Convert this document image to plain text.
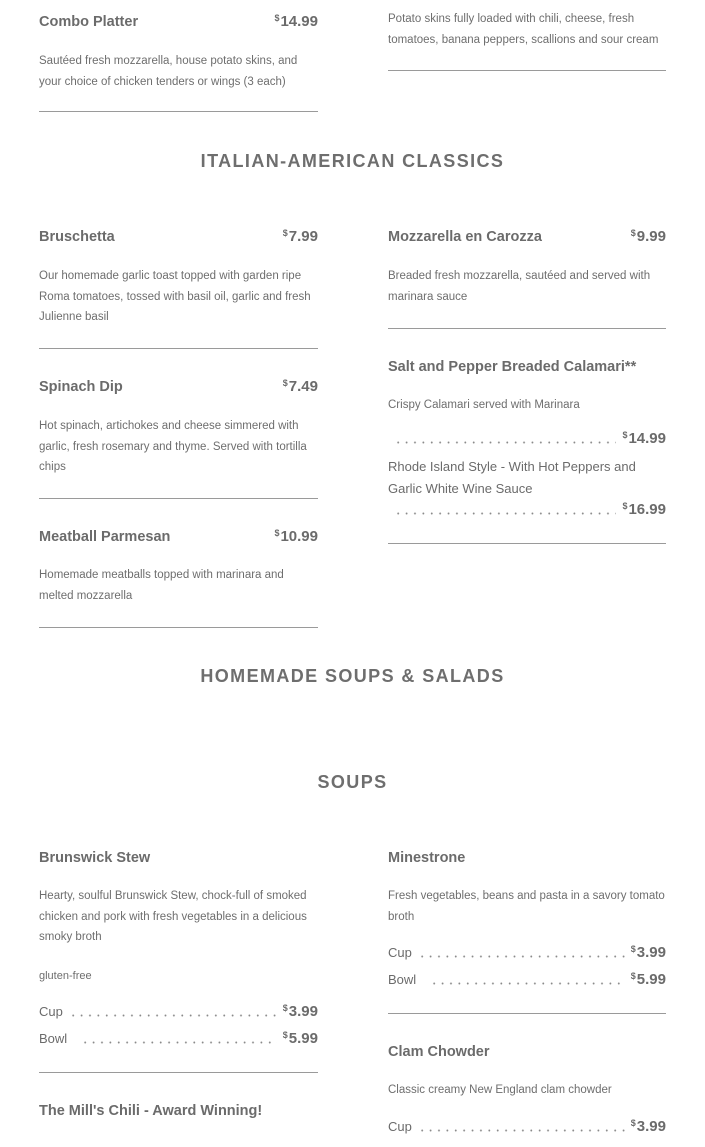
Combo Platter	$14.99
Sautéed fresh mozzarella, house potato skins, and your choice of chicken tenders or wings (3 each)
Potato skins fully loaded with chili, cheese, fresh tomatoes, banana peppers, scallions and sour cream
ITALIAN-AMERICAN CLASSICS
Bruschetta	$7.99
Our homemade garlic toast topped with garden ripe Roma tomatoes, tossed with basil oil, garlic and fresh Julienne basil
Mozzarella en Carozza	$9.99
Breaded fresh mozzarella, sautéed and served with marinara sauce
Spinach Dip	$7.49
Hot spinach, artichokes and cheese simmered with garlic, fresh rosemary and thyme. Served with tortilla chips
Salt and Pepper Breaded Calamari**
Crispy Calamari served with Marinara
$14.99
Rhode Island Style - With Hot Peppers and Garlic White Wine Sauce
$16.99
Meatball Parmesan	$10.99
Homemade meatballs topped with marinara and melted mozzarella
HOMEMADE SOUPS & SALADS
SOUPS
Brunswick Stew
Hearty, soulful Brunswick Stew, chock-full of smoked chicken and pork with fresh vegetables in a delicious smoky broth
gluten-free
Cup	$3.99
Bowl	$5.99
Minestrone
Fresh vegetables, beans and pasta in a savory tomato broth
Cup	$3.99
Bowl	$5.99
The Mill's Chili - Award Winning!
Clam Chowder
Classic creamy New England clam chowder
Cup	$3.99
